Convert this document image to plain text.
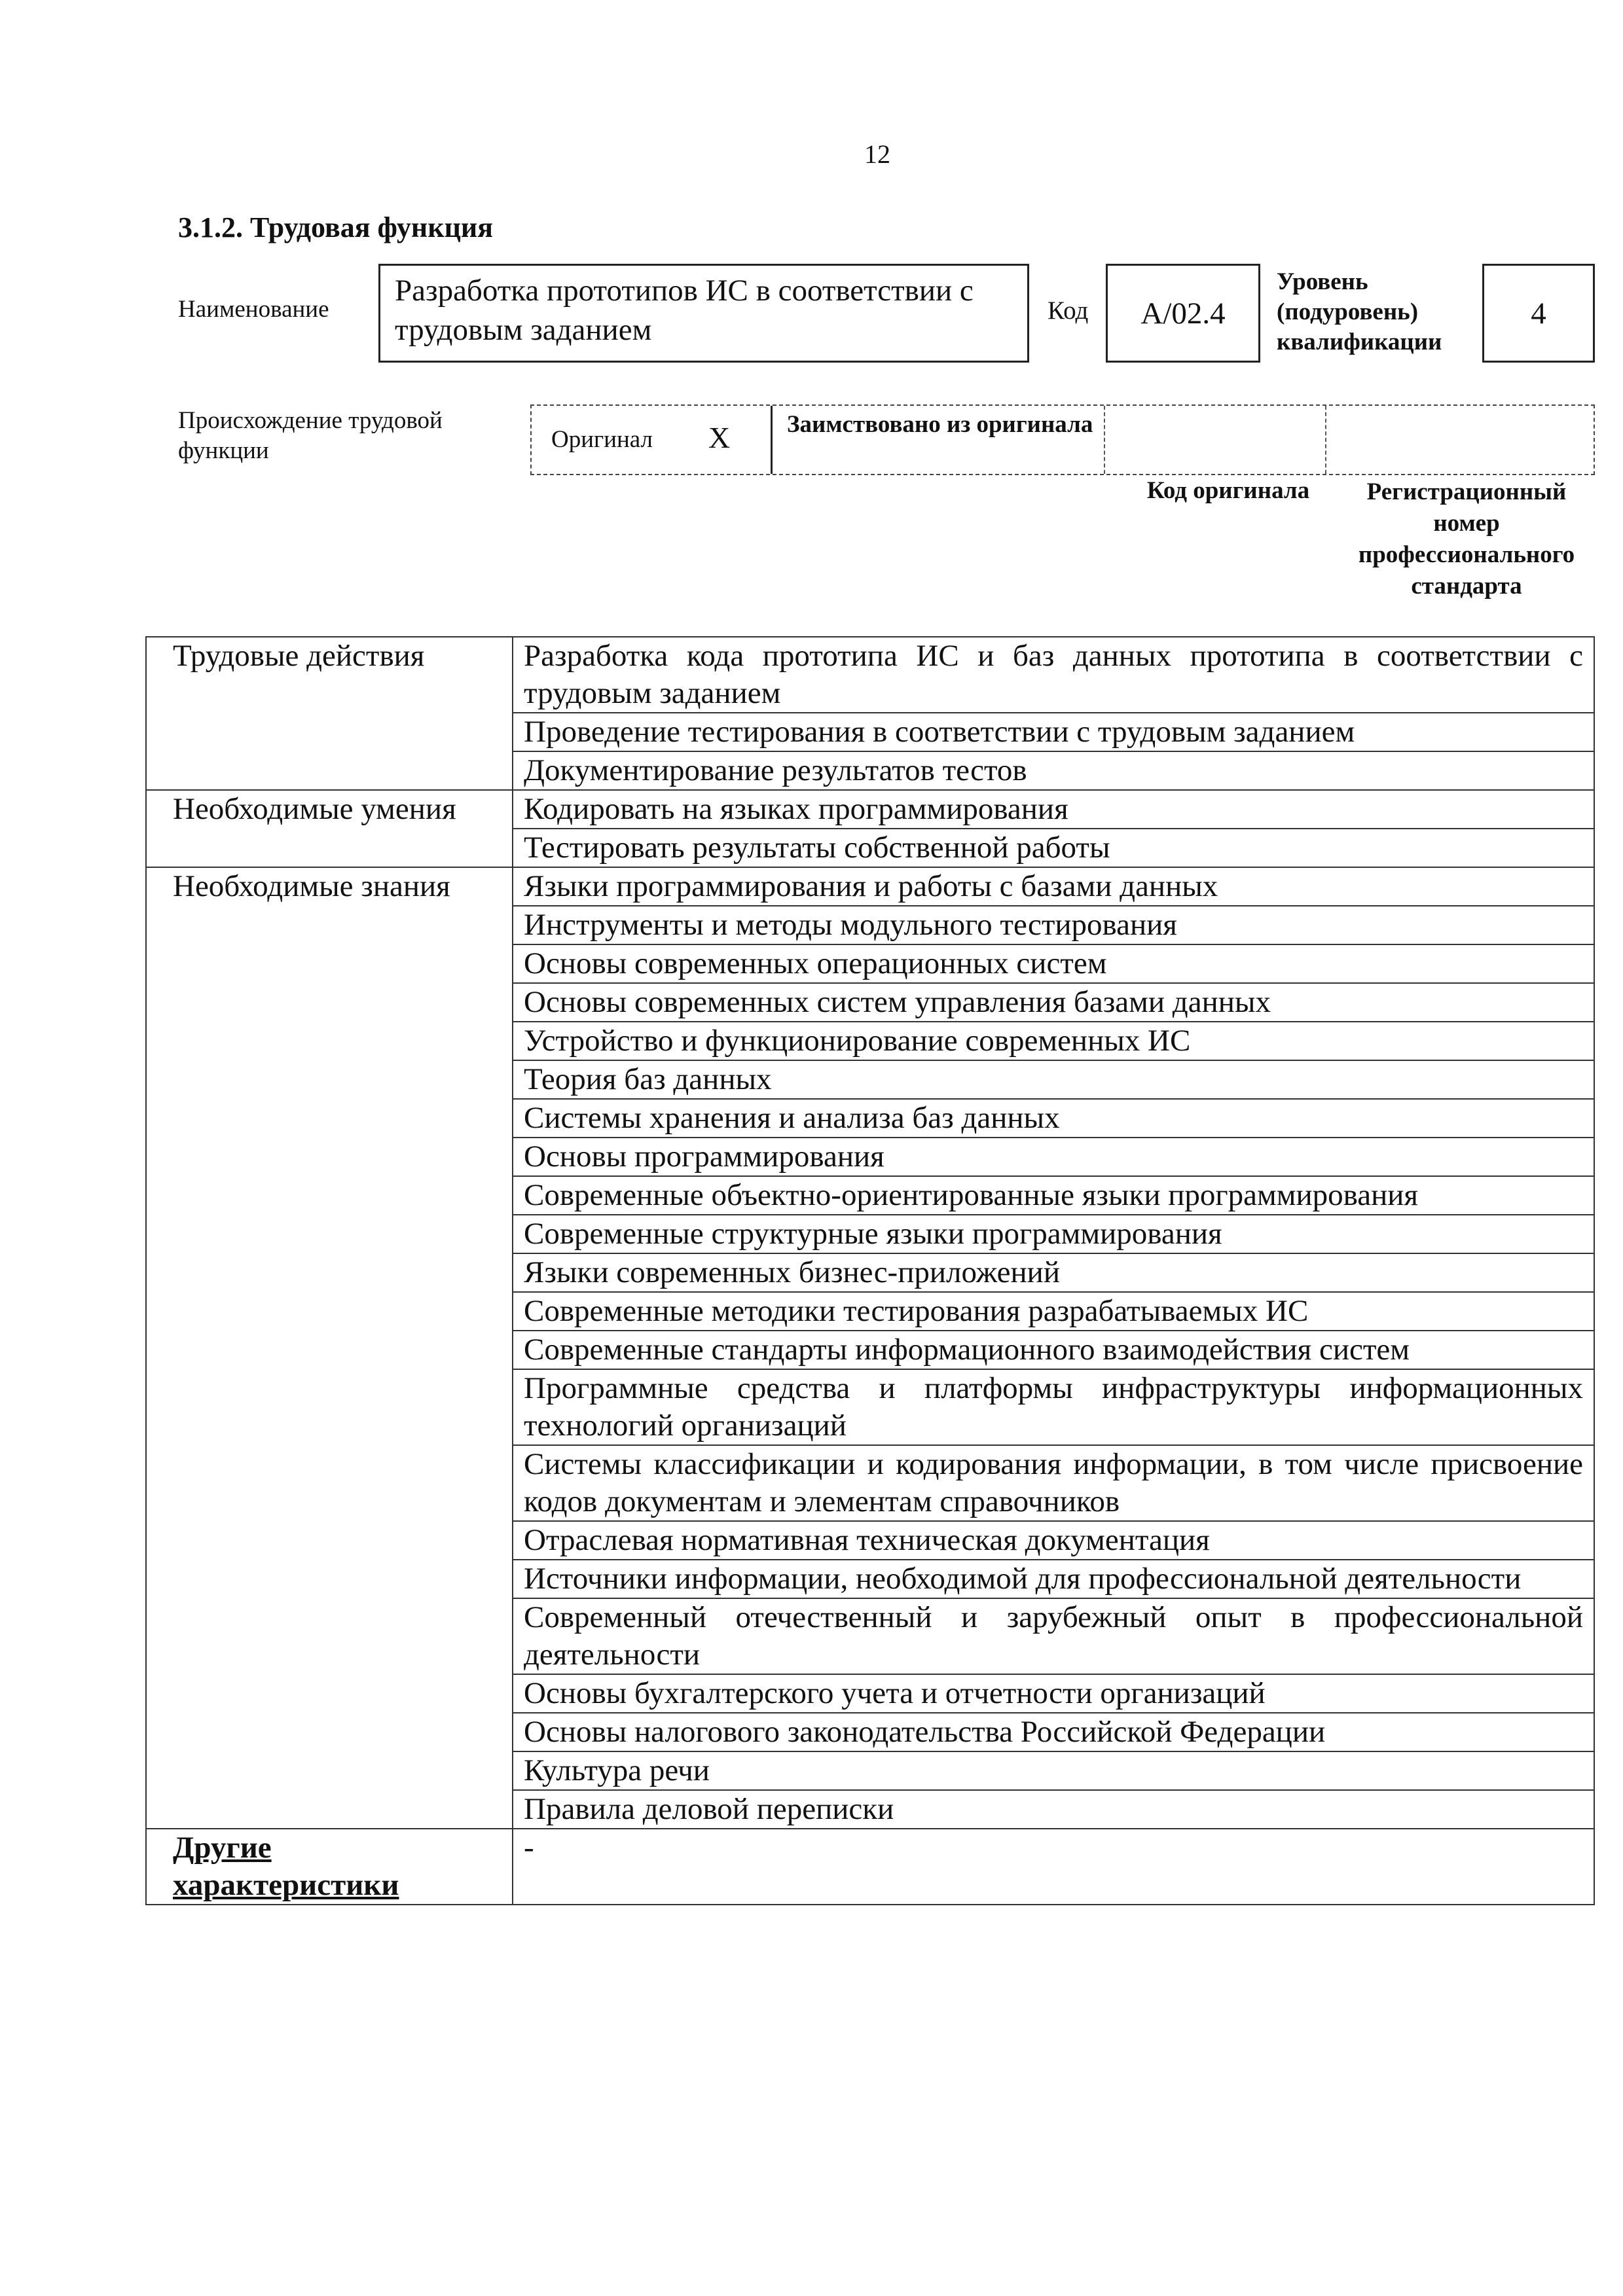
12
3.1.2. Трудовая функция
Наименование
Разработка прототипов ИС в соответствии с трудовым заданием
Код A/02.4
Уровень (подуровень) квалификации
4
Происхождение трудовой функции	Оригинал X Заимствовано из оригинала
Код оригинала	Регистрационный номер профессионального стандарта
Трудовые действия	Разработка кода прототипа ИС и баз данных прототипа в соответствии с трудовым заданием
	Проведение тестирования в соответствии с трудовым заданием
	Документирование результатов тестов
Необходимые умения	Кодировать на языках программирования
	Тестировать результаты собственной работы
Необходимые знания	Языки программирования и работы с базами данных
	Инструменты и методы модульного тестирования
	Основы современных операционных систем
	Основы современных систем управления базами данных
	Устройство и функционирование современных ИС
	Теория баз данных
	Системы хранения и анализа баз данных
	Основы программирования
	Современные объектно-ориентированные языки программирования
	Современные структурные языки программирования
	Языки современных бизнес-приложений
	Современные методики тестирования разрабатываемых ИС
	Современные стандарты информационного взаимодействия систем
	Программные средства и платформы инфраструктуры информационных технологий организаций
	Системы классификации и кодирования информации, в том числе присвоение кодов документам и элементам справочников
	Отраслевая нормативная техническая документация
	Источники информации, необходимой для профессиональной деятельности
	Современный отечественный и зарубежный опыт в профессиональной деятельности
	Основы бухгалтерского учета и отчетности организаций
	Основы налогового законодательства Российской Федерации
	Культура речи
	Правила деловой переписки
Другие характеристики	-
